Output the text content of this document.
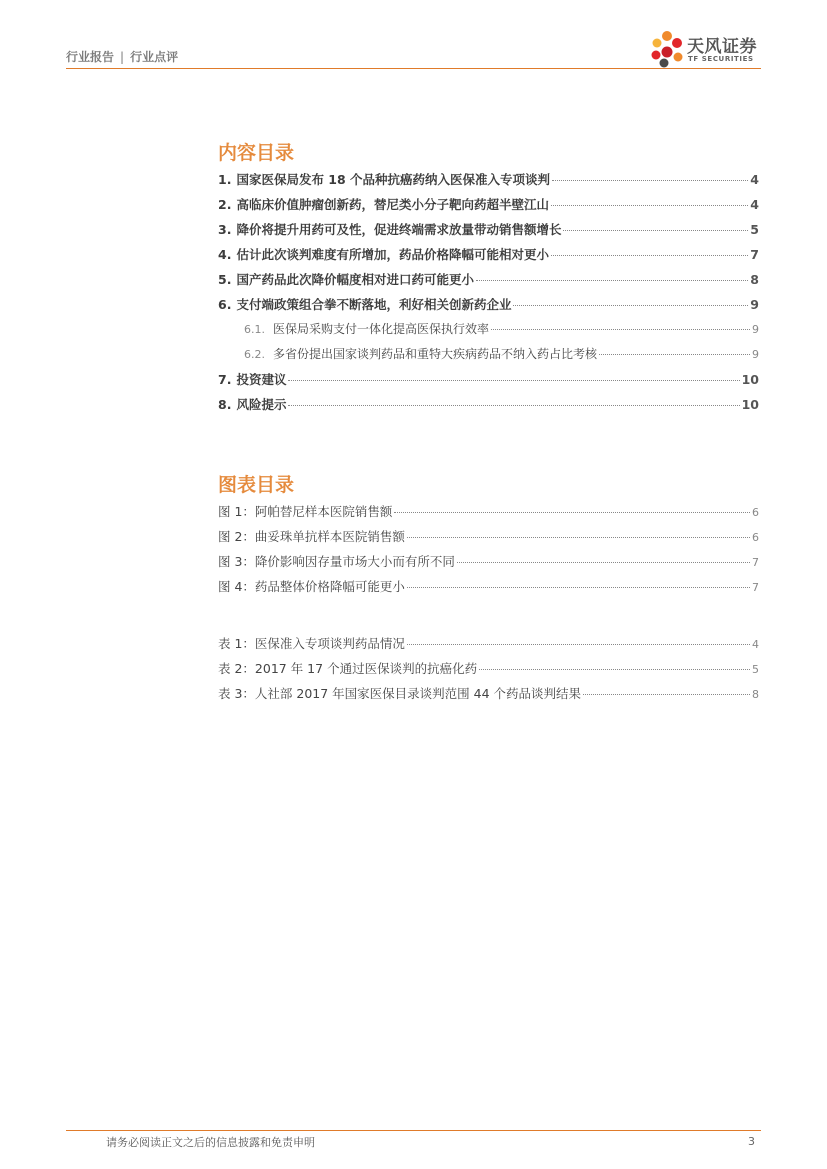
行业报告 | 行业点评	天风证券
TF SECURITIES
内容目录
1. 国家医保局发布 18 个品种抗癌药纳入医保准入专项谈判	4
2. 高临床价值肿瘤创新药，替尼类小分子靶向药超半壁江山	4
3. 降价将提升用药可及性，促进终端需求放量带动销售额增长	5
4. 估计此次谈判难度有所增加，药品价格降幅可能相对更小	7
5. 国产药品此次降价幅度相对进口药可能更小	8
6. 支付端政策组合拳不断落地，利好相关创新药企业	9
6.1. 医保局采购支付一体化提高医保执行效率	9
6.2. 多省份提出国家谈判药品和重特大疾病药品不纳入药占比考核	9
7. 投资建议	10
8. 风险提示	10
图表目录
图 1：阿帕替尼样本医院销售额	6
图 2：曲妥珠单抗样本医院销售额	6
图 3：降价影响因存量市场大小而有所不同	7
图 4：药品整体价格降幅可能更小	7
表 1：医保准入专项谈判药品情况	4
表 2：2017 年 17 个通过医保谈判的抗癌化药	5
表 3：人社部 2017 年国家医保目录谈判范围 44 个药品谈判结果	8
请务必阅读正文之后的信息披露和免责申明	3
